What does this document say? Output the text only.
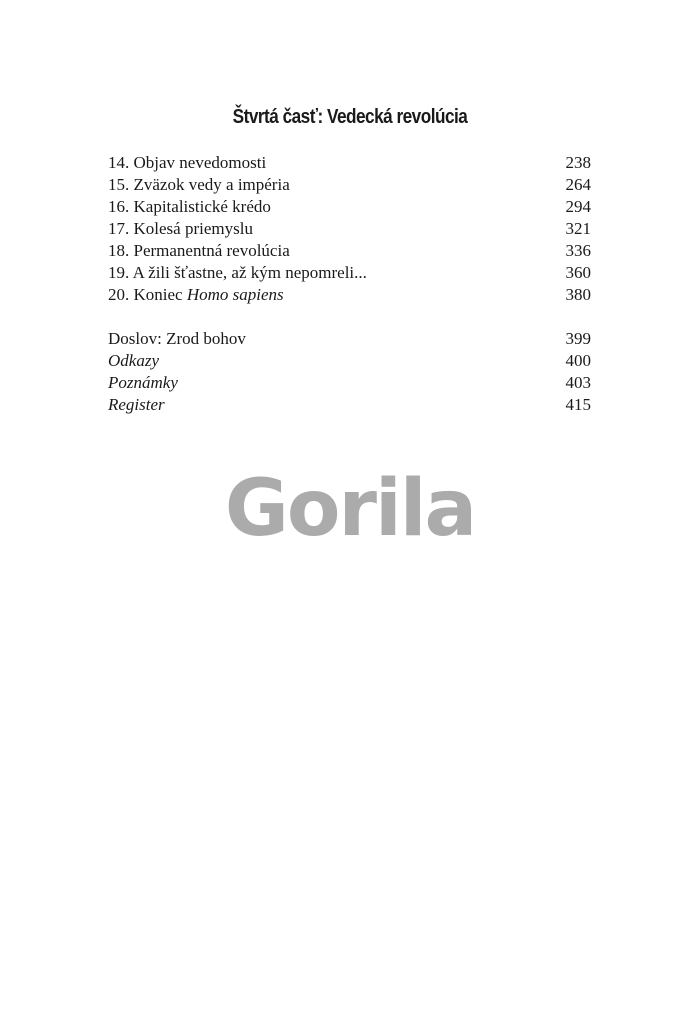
Štvrtá časť: Vedecká revolúcia
14. Objav nevedomosti	238
15. Zväzok vedy a impéria	264
16. Kapitalistické krédo	294
17. Kolesá priemyslu	321
18. Permanentná revolúcia	336
19. A žili šťastne, až kým nepomreli...	360
20. Koniec Homo sapiens	380
Doslov: Zrod bohov	399
Odkazy	400
Poznámky	403
Register	415
Gorila
